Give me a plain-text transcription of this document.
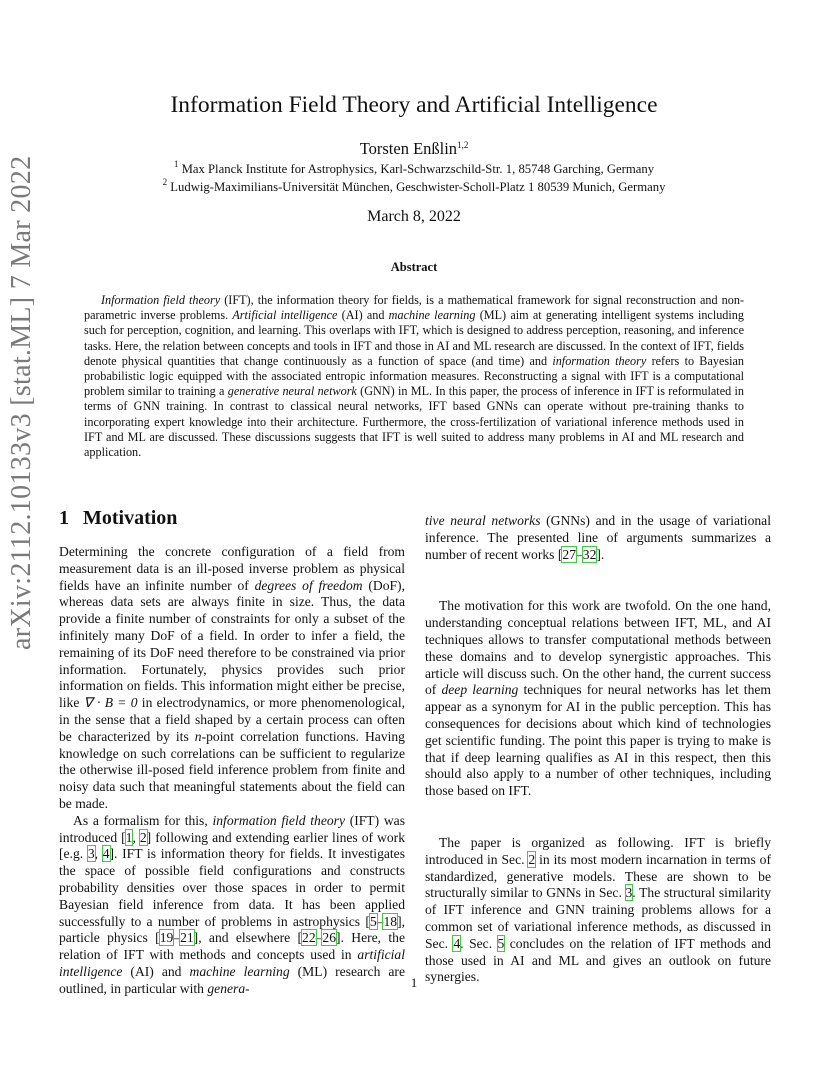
arXiv:2112.10133v3 [stat.ML] 7 Mar 2022
Information Field Theory and Artificial Intelligence
Torsten Enßlin$^{1,2}$
$^1$ Max Planck Institute for Astrophysics, Karl-Schwarzschild-Str. 1, 85748 Garching, Germany
$^2$ Ludwig-Maximilians-Universität München, Geschwister-Scholl-Platz 1 80539 Munich, Germany
March 8, 2022
Abstract

Information field theory (IFT), the information theory for fields, is a mathematical framework for signal reconstruction and non-parametric inverse problems. Artificial intelligence (AI) and machine learning (ML) aim at generating intelligent systems including such for perception, cognition, and learning. This overlaps with IFT, which is designed to address perception, reasoning, and inference tasks. Here, the relation between concepts and tools in IFT and those in AI and ML research are discussed. In the context of IFT, fields denote physical quantities that change continuously as a function of space (and time) and information theory refers to Bayesian probabilistic logic equipped with the associated entropic information measures. Reconstructing a signal with IFT is a computational problem similar to training a generative neural network (GNN) in ML. In this paper, the process of inference in IFT is reformulated in terms of GNN training. In contrast to classical neural networks, IFT based GNNs can operate without pre-training thanks to incorporating expert knowledge into their architecture. Furthermore, the cross-fertilization of variational inference methods used in IFT and ML are discussed. These discussions suggests that IFT is well suited to address many problems in AI and ML research and application.

1 Motivation

Determining the concrete configuration of a field from measurement data is an ill-posed inverse problem as physical fields have an infinite number of degrees of freedom (DoF), whereas data sets are always finite in size. Thus, the data provide a finite number of constraints for only a subset of the infinitely many DoF of a field. In order to infer a field, the remaining of its DoF need therefore to be constrained via prior information. Fortunately, physics provides such prior information on fields. This information might either be precise, like ∇ · B = 0 in electrodynamics, or more phenomenological, in the sense that a field shaped by a certain process can often be characterized by its n-point correlation functions. Having knowledge on such correlations can be sufficient to regularize the otherwise ill-posed field inference problem from finite and noisy data such that meaningful statements about the field can be made.

As a formalism for this, information field theory (IFT) was introduced [1, 2] following and extending earlier lines of work [e.g. 3, 4]. IFT is information theory for fields. It investigates the space of possible field configurations and constructs probability densities over those spaces in order to permit Bayesian field inference from data. It has been applied successfully to a number of problems in astrophysics [5–18], particle physics [19–21], and elsewhere [22–26]. Here, the relation of IFT with methods and concepts used in artificial intelligence (AI) and machine learning (ML) research are outlined, in particular with genera-

tive neural networks (GNNs) and in the usage of variational inference. The presented line of arguments summarizes a number of recent works [27–32].

The motivation for this work are twofold. On the one hand, understanding conceptual relations between IFT, ML, and AI techniques allows to transfer computational methods between these domains and to develop synergistic approaches. This article will discuss such. On the other hand, the current success of deep learning techniques for neural networks has let them appear as a synonym for AI in the public perception. This has consequences for decisions about which kind of technologies get scientific funding. The point this paper is trying to make is that if deep learning qualifies as AI in this respect, then this should also apply to a number of other techniques, including those based on IFT.

The paper is organized as following. IFT is briefly introduced in Sec. 2 in its most modern incarnation in terms of standardized, generative models. These are shown to be structurally similar to GNNs in Sec. 3. The structural similarity of IFT inference and GNN training problems allows for a common set of variational inference methods, as discussed in Sec. 4. Sec. 5 concludes on the relation of IFT methods and those used in AI and ML and gives an outlook on future synergies.

1
